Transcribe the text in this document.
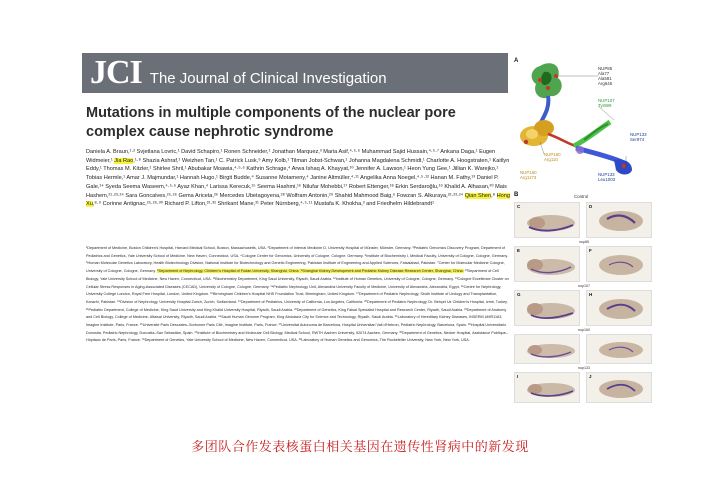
JCI The Journal of Clinical Investigation
Mutations in multiple components of the nuclear pore
complex cause nephrotic syndrome
Daniela A. Braun,¹·² Svjetlana Lovric,¹ David Schapiro,¹ Ronen Schneider,¹ Jonathan Marquez,³ Maria Asif,⁴·⁵·⁶ Muhammad Sajid Hussain,⁴·⁵·⁷ Ankana Daga,¹ Eugen Widmeier,¹ Jia Rao,¹·⁸ Shazia Ashraf,¹ Weizhen Tan,¹ C. Patrick Lusk,⁹ Amy Kolb,¹ Tilman Jobst-Schwan,¹ Johanna Magdalena Schmidt,¹ Charlotte A. Hoogstraten,¹ Kaitlyn Eddy,¹ Thomas M. Kitzler,¹ Shirlee Shril,¹ Abubakar Moawia,⁴·⁵·⁶ Kathrin Schrage,⁴ Arwa Ishaq A. Khayyat,¹⁰ Jennifer A. Lawson,¹ Heon Yung Gee,¹ Jillian K. Warejko,¹ Tobias Hermle,¹ Amar J. Majmundar,¹ Hannah Hugo,¹ Birgit Budde,⁴ Susanne Motameny,⁴ Janine Altmüller,⁴·¹¹ Angelika Anna Noegel,⁴·⁵·¹² Hanan M. Fathy,¹³ Daniel P. Gale,¹⁴ Syeda Seema Waseem,⁴·⁵·⁶ Ayaz Khan,⁴ Larissa Kerecuk,¹⁵ Seema Hashmi,¹⁶ Nilufar Mohebbi,¹⁷ Robert Ettenger,¹⁸ Erkin Serdaroğlu,¹⁹ Khalid A. Alhasan,²⁰ Mais Hashem,²¹·²³·²⁴ Sara Goncalves,²⁵·²⁶ Gema Ariceta,²⁶ Mercedes Ubetagoyena,²⁸ Wolfram Antonin,²⁹ Shahid Mahmood Baig,⁶ Fowzan S. Alkuraya,²²·²³·²⁴ Qian Shen,⁸ Hong Xu,⁸·⁹ Corinne Antignac,²⁵·²⁶·³⁰ Richard P. Lifton,³¹·³² Shrikant Mane,³¹ Peter Nürnberg,⁴·⁵·¹¹ Mustafa K. Khokha,³ and Friedhelm Hildebrandt¹
¹Department of Medicine, Boston Children's Hospital, Harvard Medical School, Boston, Massachusetts, USA. ²Department of Internal Medicine D, University Hospital of Münster, Münster, Germany. ³Pediatric Genomics Discovery Program, Department of Pediatrics and Genetics, Yale University School of Medicine, New Haven, Connecticut, USA. ⁴Cologne Center for Genomics, University of Cologne, Cologne, Germany. ⁵Institute of Biochemistry I, Medical Faculty, University of Cologne, Cologne, Germany. ⁶Human Molecular Genetics Laboratory, Health Biotechnology Division, National Institute for Biotechnology and Genetic Engineering, Pakistan Institute of Engineering and Applied Sciences, Faisalabad, Pakistan. ⁷Center for Molecular Medicine Cologne, University of Cologne, Cologne, Germany. ⁸Department of Nephrology, Children's Hospital of Fudan University, Shanghai, China. ⁹Shanghai Kidney Development and Pediatric Kidney Disease Research Center, Shanghai, China. ¹⁰Department of Cell Biology, Yale University School of Medicine, New Haven, Connecticut, USA. ¹¹Biochemistry Department, King Saud University, Riyadh, Saudi Arabia. ¹²Institute of Human Genetics, University of Cologne, Cologne, Germany. ¹³Cologne Excellence Cluster on Cellular Stress Responses in Aging-Associated Diseases (CECAD), University of Cologne, Cologne, Germany. ¹⁴Pediatric Nephrology Unit, Alexandria University Faculty of Medicine, University of Alexandria, Alexandria, Egypt. ¹⁵Centre for Nephrology, University College London, Royal Free Hospital, London, United Kingdom. ¹⁶Birmingham Children's Hospital NHS Foundation Trust, Birmingham, United Kingdom. ¹⁷Department of Pediatric Nephrology, Sindh Institute of Urology and Transplantation, Karachi, Pakistan. ¹⁸Division of Nephrology, University Hospital Zurich, Zurich, Switzerland. ¹⁹Department of Pediatrics, University of California, Los Angeles, California. ²⁰Department of Pediatric Nephrology, Dr. Behçet Uz Children's Hospital, Izmir, Turkey. ²¹Pediatric Department, College of Medicine, King Saud University and King Khalid University Hospital, Riyadh, Saudi Arabia. ²²Department of Genetics, King Faisal Specialist Hospital and Research Center, Riyadh, Saudi Arabia. ²³Department of Anatomy and Cell Biology, College of Medicine, Alfaisal University, Riyadh, Saudi Arabia. ²⁴Saudi Human Genome Program, King Abdulaziz City for Science and Technology, Riyadh, Saudi Arabia. ²⁵Laboratory of Hereditary Kidney Diseases, INSERM UMR1163, Imagine Institute, Paris, France. ²⁶Université Paris Descartes–Sorbonne Paris Cité, Imagine Institute, Paris, France. ²⁷Universitat Autonoma de Barcelona, Hospital Universitari Vall d'Hebron, Pediatric Nephrology, Barcelona, Spain. ²⁸Hospital Universitario Donostia, Pediatric Nephrology, Donostia–San Sebastián, Spain. ²⁹Institute of Biochemistry and Molecular Cell Biology, Medical School, RWTH Aachen University, 52074 Aachen, Germany. ³⁰Department of Genetics, Necker Hospital, Assistance Publique–Hôpitaux de Paris, Paris, France. ³¹Department of Genetics, Yale University School of Medicine, New Haven, Connecticut, USA. ³²Laboratory of Human Genetics and Genomics, The Rockefeller University, New York, New York, USA.
A
NUP85
Ala77
Ala581
Arg645
NUP107
Tyr889
NUP160
Arg110
NUP160
Arg1173
NUP133
Ser974
NUP133
Leu1003
B	Control
C	D
nup85
E	F
nup107
G	H
nup160
nup133
I	J
多团队合作发表核蛋白相关基因在遗传性肾病中的新发现
